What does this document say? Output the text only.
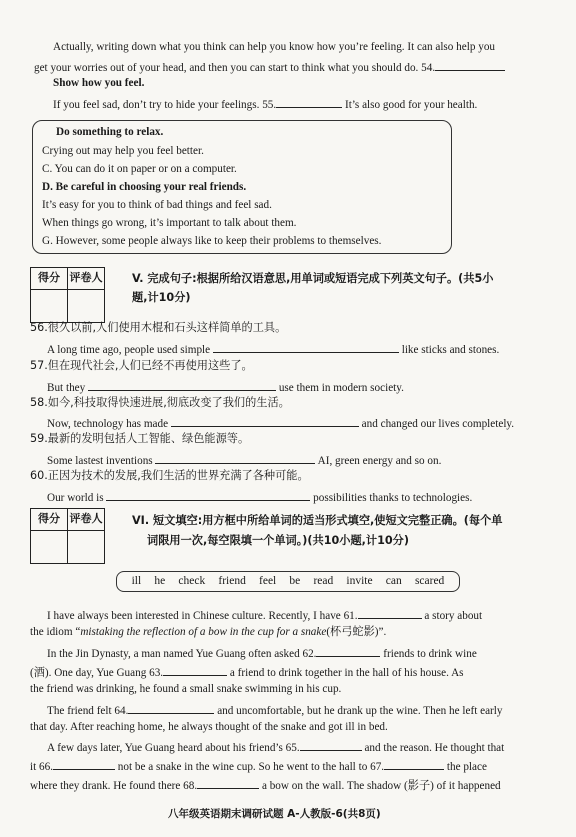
Actually, writing down what you think can help you know how you’re feeling. It can also help you
get your worries out of your head, and then you can start to think what you should do. 54.
Show how you feel.
If you feel sad, don’t try to hide your feelings. 55.	It’s also good for your health.
Do something to relax.
Crying out may help you feel better.
C. You can do it on paper or on a computer.
D. Be careful in choosing your real friends.
It’s easy for you to think of bad things and feel sad.
When things go wrong, it’s important to talk about them.
G. However, some people always like to keep their problems to themselves.
得分	评卷人
		V. 完成句子:根据所给汉语意思,用单词或短语完成下列英文句子。(共5小
题,计10分)
56.很久以前,人们使用木棍和石头这样简单的工具。
A long time ago, people used simple	like sticks and stones.
57.但在现代社会,人们已经不再使用这些了。
But they	use them in modern society.
58.如今,科技取得快速进展,彻底改变了我们的生活。
Now, technology has made	and changed our lives completely.
59.最新的发明包括人工智能、绿色能源等。
Some lastest inventions	AI, green energy and so on.
60.正因为技术的发展,我们生活的世界充满了各种可能。
Our world is	possibilities thanks to technologies.
得分	评卷人
		VI. 短文填空:用方框中所给单词的适当形式填空,使短文完整正确。(每个单
词限用一次,每空限填一个单词。)(共10小题,计10分)
ill he check friend feel be read invite can scared
I have always been interested in Chinese culture. Recently, I have 61.	a story about
the idiom “mistaking the reflection of a bow in the cup for a snake(杯弓蛇影)”.
In the Jin Dynasty, a man named Yue Guang often asked 62.	friends to drink wine
(酒). One day, Yue Guang 63.	a friend to drink together in the hall of his house. As
the friend was drinking, he found a small snake swimming in his cup.
The friend felt 64.	and uncomfortable, but he drank up the wine. Then he left early
that day. After reaching home, he always thought of the snake and got ill in bed.
A few days later, Yue Guang heard about his friend’s 65.	and the reason. He thought that
it 66.	not be a snake in the wine cup. So he went to the hall to 67.	the place
where they drank. He found there 68.	a bow on the wall. The shadow (影子) of it happened
八年级英语期末调研试题 A-人教版-6(共8页)
